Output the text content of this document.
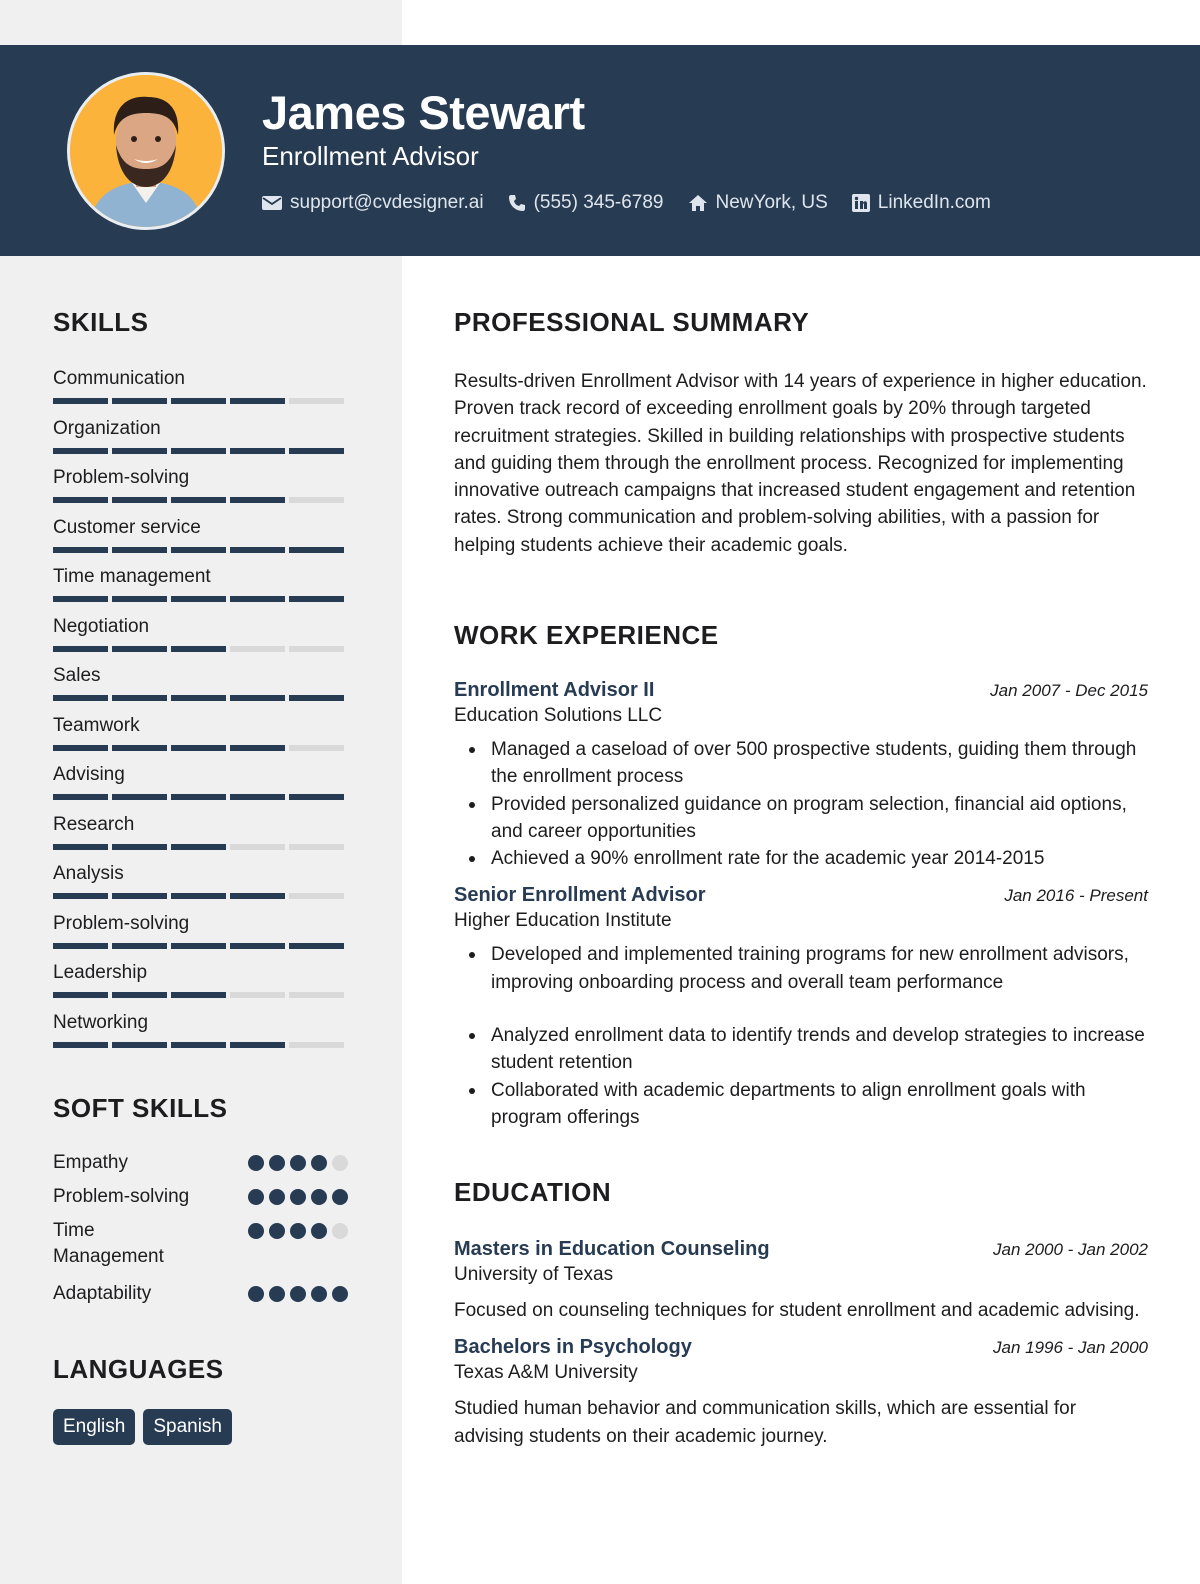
James Stewart
Enrollment Advisor
support@cvdesigner.ai	(555) 345-6789	NewYork, US	LinkedIn.com
SKILLS
Communication
Organization
Problem-solving
Customer service
Time management
Negotiation
Sales
Teamwork
Advising
Research
Analysis
Problem-solving
Leadership
Networking
SOFT SKILLS
Empathy
Problem-solving
Time Management
Adaptability
LANGUAGES
English	Spanish
PROFESSIONAL SUMMARY
Results-driven Enrollment Advisor with 14 years of experience in higher education. Proven track record of exceeding enrollment goals by 20% through targeted recruitment strategies. Skilled in building relationships with prospective students and guiding them through the enrollment process. Recognized for implementing innovative outreach campaigns that increased student engagement and retention rates. Strong communication and problem-solving abilities, with a passion for helping students achieve their academic goals.
WORK EXPERIENCE
Enrollment Advisor II	Jan 2007 - Dec 2015
Education Solutions LLC
Managed a caseload of over 500 prospective students, guiding them through the enrollment process
Provided personalized guidance on program selection, financial aid options, and career opportunities
Achieved a 90% enrollment rate for the academic year 2014-2015
Senior Enrollment Advisor	Jan 2016 - Present
Higher Education Institute
Developed and implemented training programs for new enrollment advisors, improving onboarding process and overall team performance
Analyzed enrollment data to identify trends and develop strategies to increase student retention
Collaborated with academic departments to align enrollment goals with program offerings
EDUCATION
Masters in Education Counseling	Jan 2000 - Jan 2002
University of Texas
Focused on counseling techniques for student enrollment and academic advising.
Bachelors in Psychology	Jan 1996 - Jan 2000
Texas A&M University
Studied human behavior and communication skills, which are essential for advising students on their academic journey.
